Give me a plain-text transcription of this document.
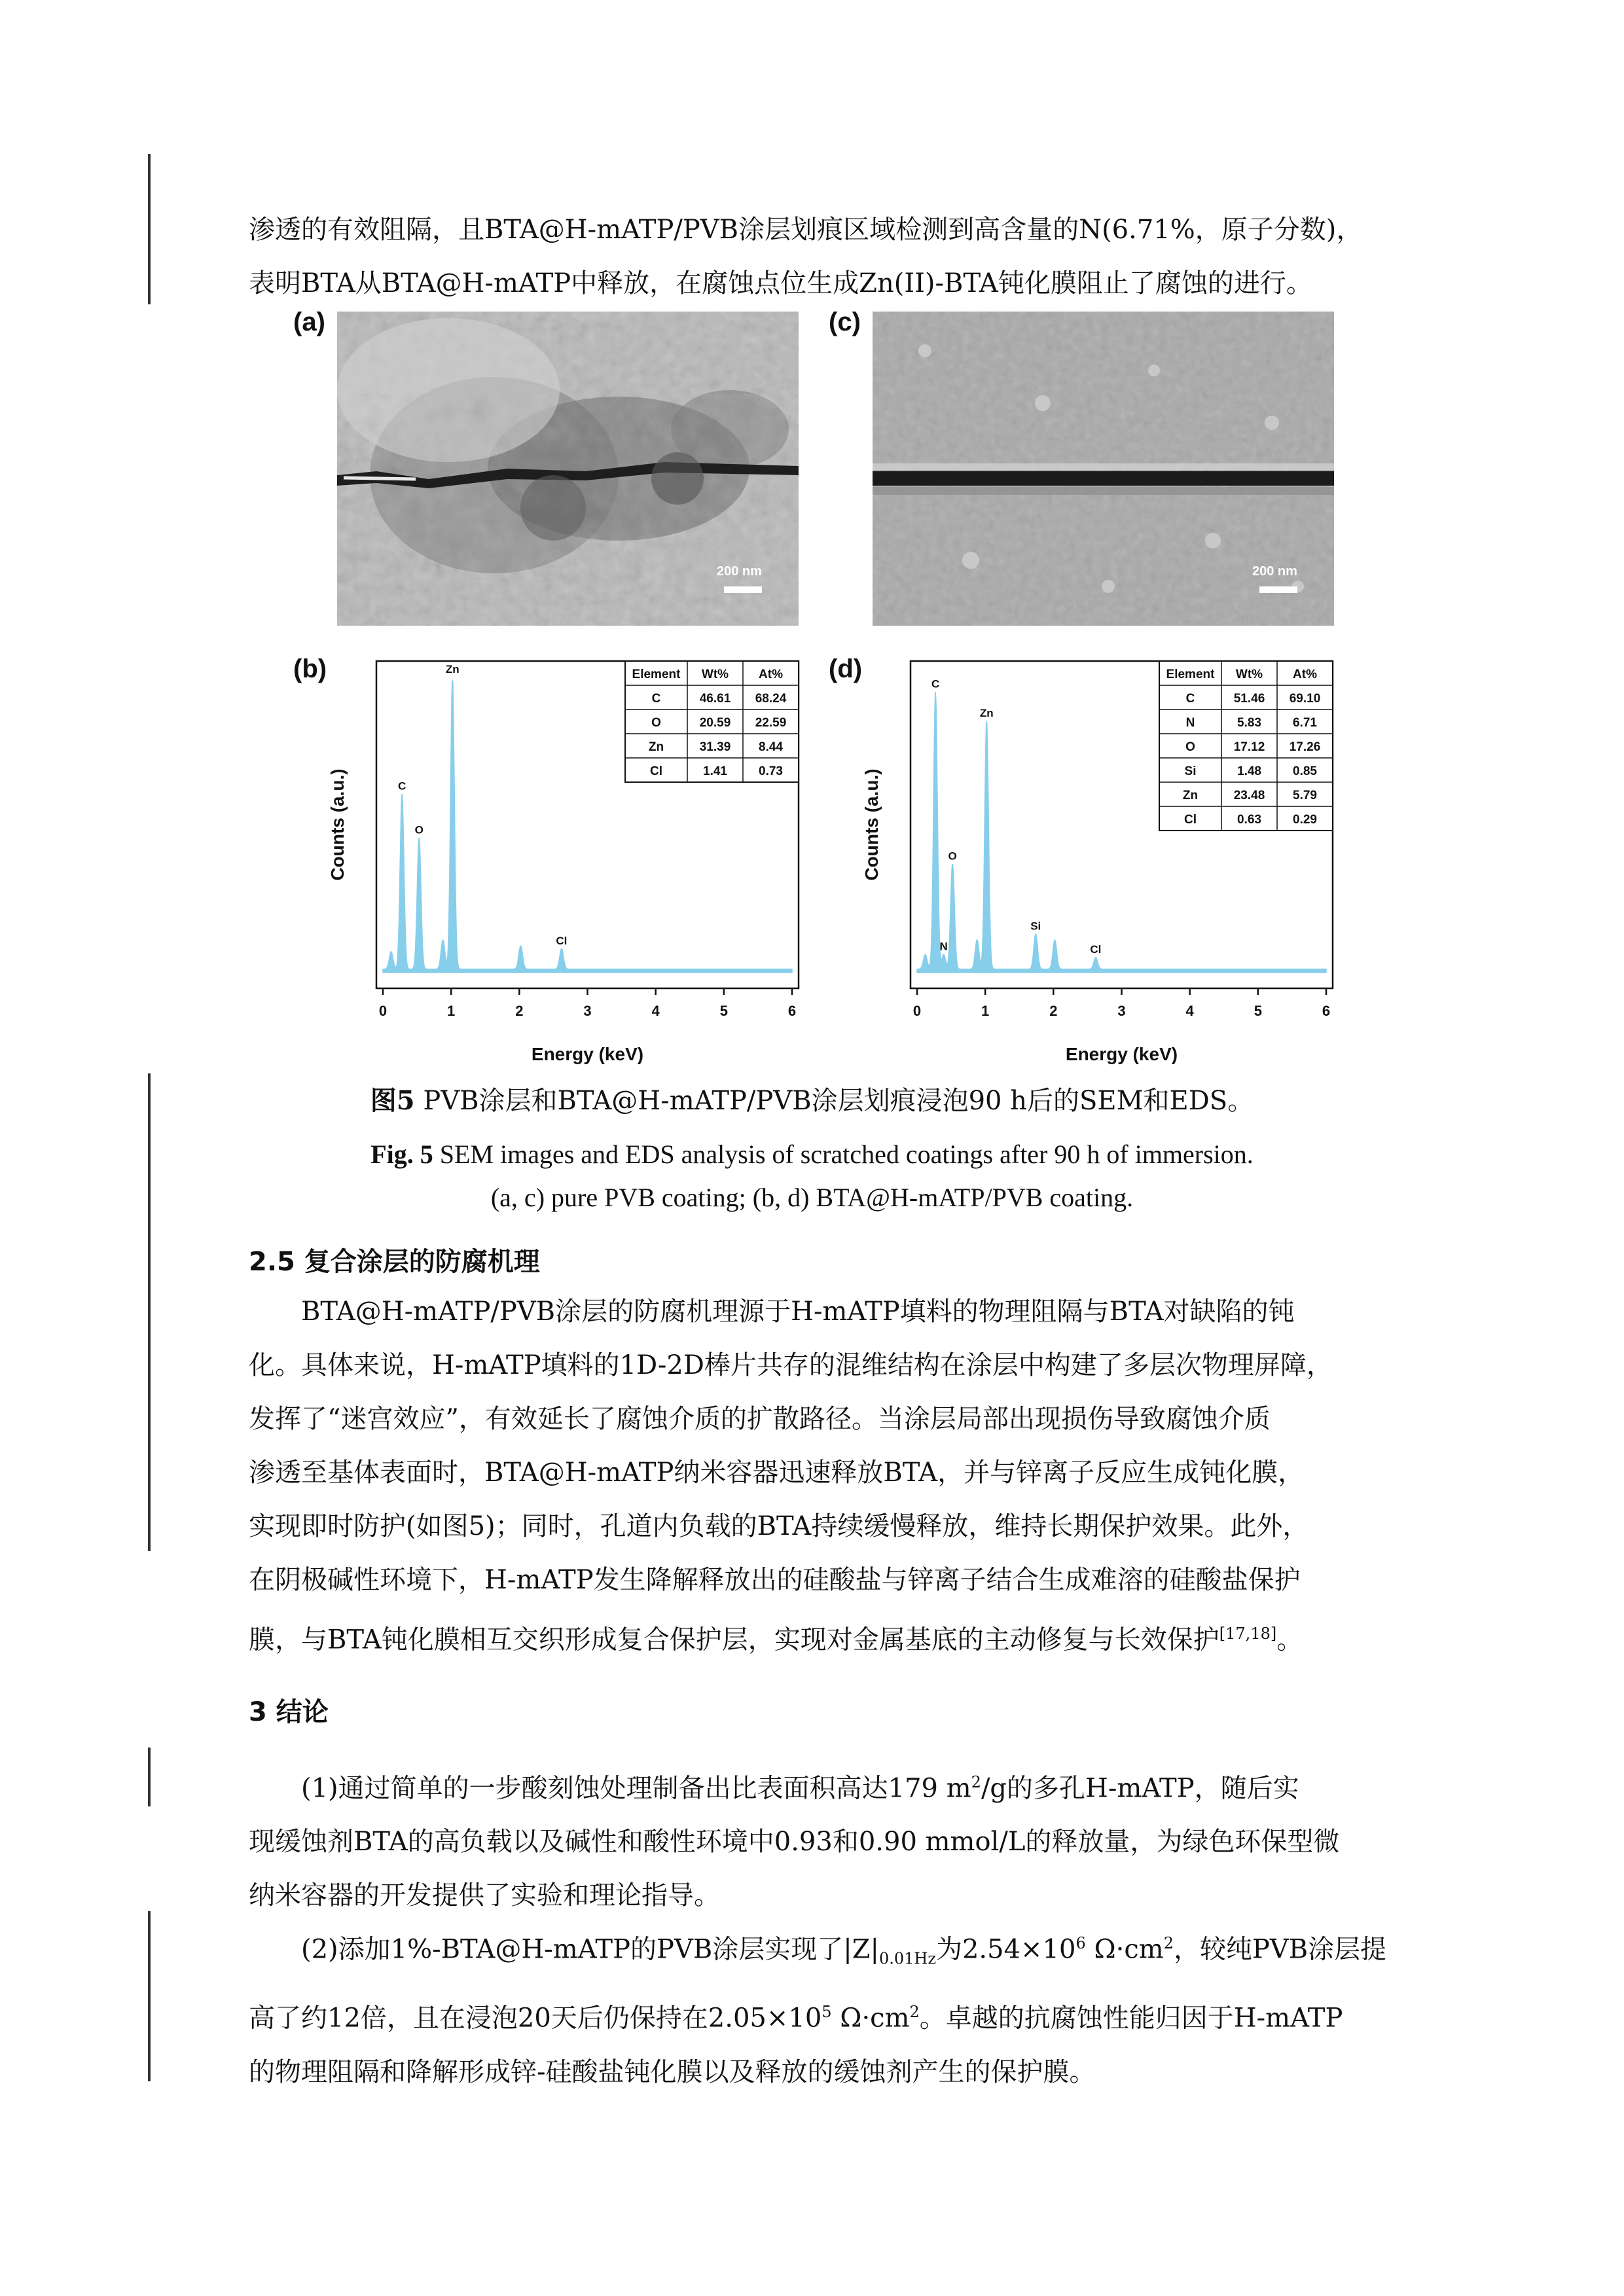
渗透的有效阻隔，且BTA@H-mATP/PVB涂层划痕区域检测到高含量的N(6.71%，原子分数)，

表明BTA从BTA@H-mATP中释放，在腐蚀点位生成Zn(II)-BTA钝化膜阻止了腐蚀的进行。

(a)	(c)
200 nm	200 nm
(b)	(d)
C
O
Zn
Cl
0	1	2	3	4	5	6
Energy (keV)
Counts (a.u.)
Element Wt% At%
C	46.61 68.24
O	20.59 22.59
Zn	31.39 8.44
Cl	1.41	0.73
C
N
O
Zn
Si
Cl
0	1	2	3	4	5	6
Energy (keV)
Counts (a.u.)
Element Wt% At%
C	51.46 69.10
N	5.83	6.71
O	17.12 17.26
Si	1.48	0.85
Zn	23.48 5.79
Cl	0.63	0.29

图5 PVB涂层和BTA@H-mATP/PVB涂层划痕浸泡90 h后的SEM和EDS。

Fig. 5 SEM images and EDS analysis of scratched coatings after 90 h of immersion.

(a, c) pure PVB coating; (b, d) BTA@H-mATP/PVB coating.

2.5 复合涂层的防腐机理

BTA@H-mATP/PVB涂层的防腐机理源于H-mATP填料的物理阻隔与BTA对缺陷的钝

化。具体来说，H-mATP填料的1D-2D棒片共存的混维结构在涂层中构建了多层次物理屏障，

发挥了“迷宫效应”，有效延长了腐蚀介质的扩散路径。当涂层局部出现损伤导致腐蚀介质

渗透至基体表面时，BTA@H-mATP纳米容器迅速释放BTA，并与锌离子反应生成钝化膜，

实现即时防护(如图5)；同时，孔道内负载的BTA持续缓慢释放，维持长期保护效果。此外，

在阴极碱性环境下，H-mATP发生降解释放出的硅酸盐与锌离子结合生成难溶的硅酸盐保护

膜，与BTA钝化膜相互交织形成复合保护层，实现对金属基底的主动修复与长效保护[17,18]。

3 结论

(1)通过简单的一步酸刻蚀处理制备出比表面积高达179 $m^2/g$的多孔H-mATP，随后实

现缓蚀剂BTA的高负载以及碱性和酸性环境中0.93和0.90 mmol/L的释放量，为绿色环保型微

纳米容器的开发提供了实验和理论指导。

(2)添加1%-BTA@H-mATP的PVB涂层实现了$|Z|_{0.01Hz}$为$2.54\times 10^6$ $\Omega\cdot cm^2$，较纯PVB涂层提

高了约12倍，且在浸泡20天后仍保持在$2.05\times 10^5$ $\Omega\cdot cm^2$。卓越的抗腐蚀性能归因于H-mATP

的物理阻隔和降解形成锌-硅酸盐钝化膜以及释放的缓蚀剂产生的保护膜。
